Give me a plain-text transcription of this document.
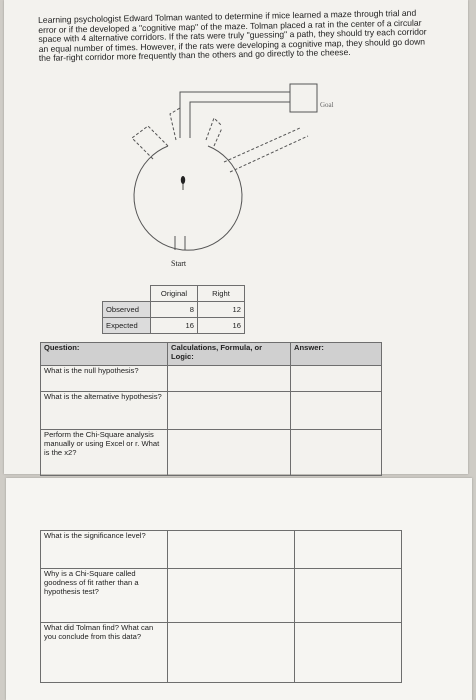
Learning psychologist Edward Tolman wanted to determine if mice learned a maze through trial and error or if the developed a "cognitive map" of the maze. Tolman placed a rat in the center of a circular space with 4 alternative corridors. If the rats were truly "guessing" a path, they should try each corridor an equal number of times. However, if the rats were developing a cognitive map, they should go down the far-right corridor more frequently than the others and go directly to the cheese.

Goal
Start
	Original	Right
Observed	8	12
Expected	16	16
Question:	Calculations, Formula, or Logic:	Answer:
What is the null hypothesis?		
What is the alternative hypothesis?		
Perform the Chi-Square analysis manually or using Excel or r. What is the x2?		
What is the significance level?		
Why is a Chi-Square called goodness of fit rather than a hypothesis test?		
What did Tolman find? What can you conclude from this data?		
